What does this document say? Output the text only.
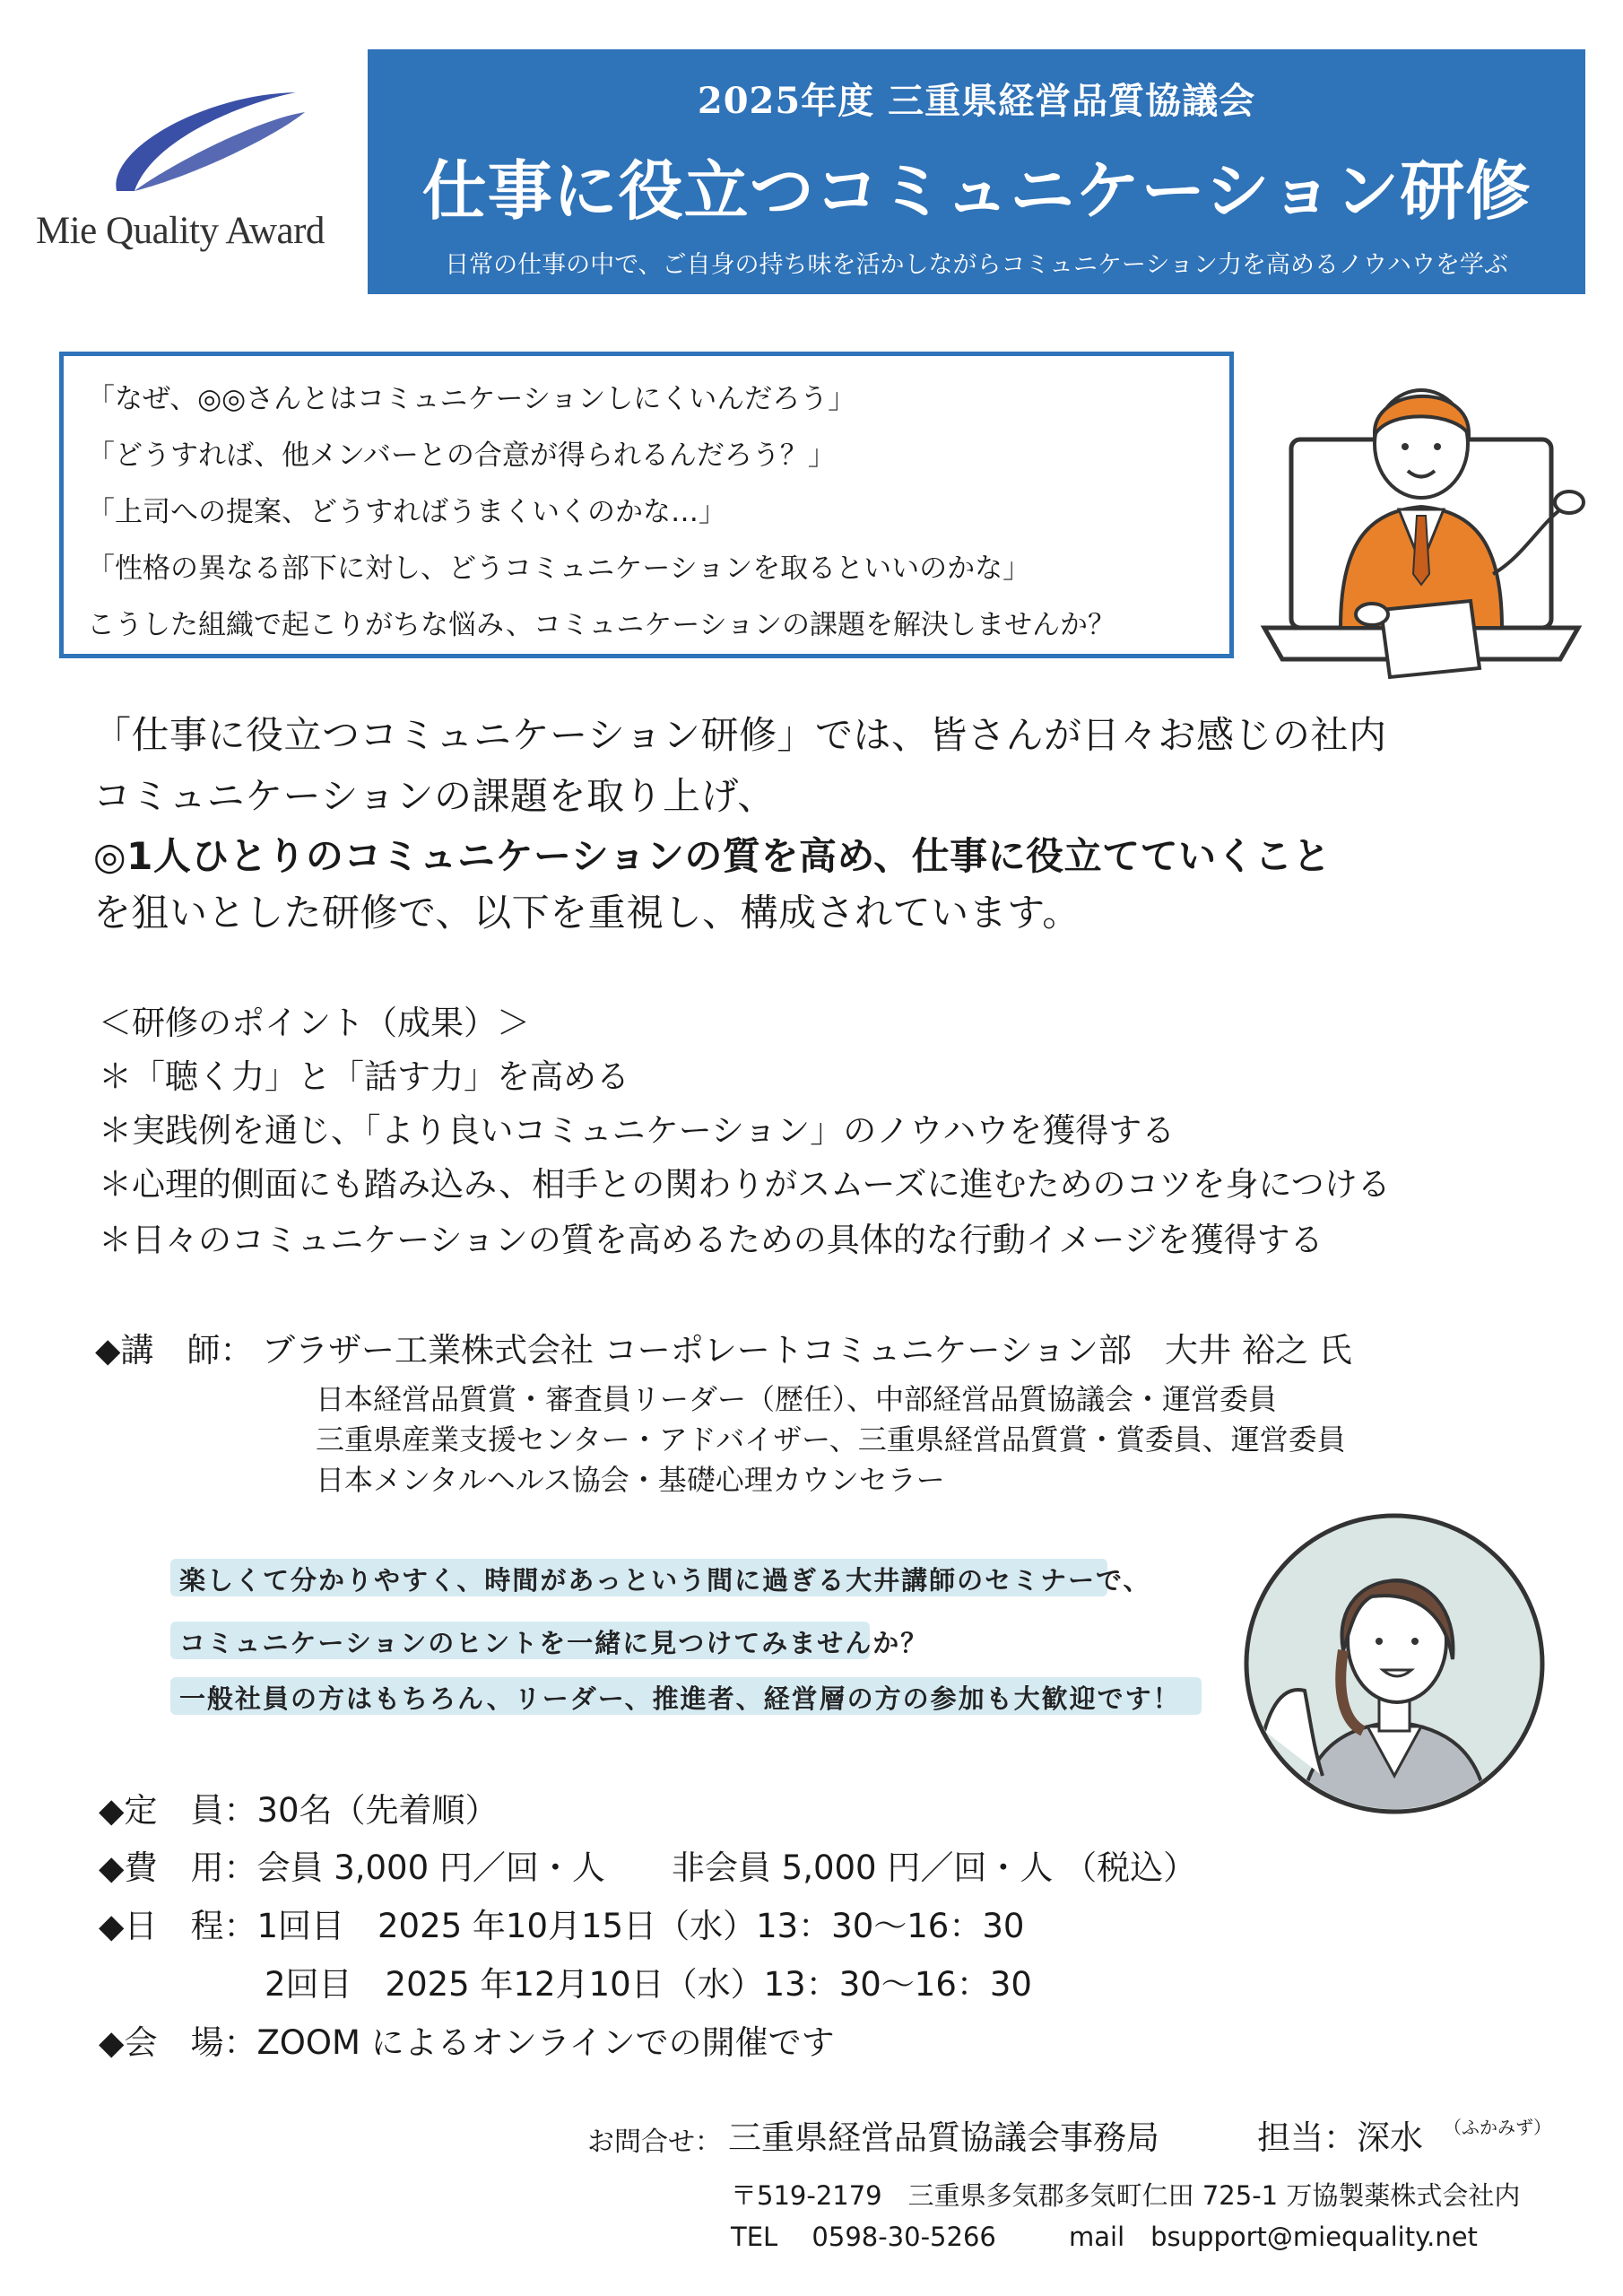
Mie Quality Award
2025年度 三重県経営品質協議会
仕事に役立つコミュニケーション研修
日常の仕事の中で、ご自身の持ち味を活かしながらコミュニケーション力を高めるノウハウを学ぶ
「なぜ、◎◎さんとはコミュニケーションしにくいんだろう」
「どうすれば、他メンバーとの合意が得られるんだろう？」
「上司への提案、どうすればうまくいくのかな…」
「性格の異なる部下に対し、どうコミュニケーションを取るといいのかな」
こうした組織で起こりがちな悩み、コミュニケーションの課題を解決しませんか？
「仕事に役立つコミュニケーション研修」では、皆さんが日々お感じの社内
コミュニケーションの課題を取り上げ、
◎1人ひとりのコミュニケーションの質を高め、仕事に役立てていくこと
を狙いとした研修で、以下を重視し、構成されています。
＜研修のポイント（成果）＞
＊「聴く力」と「話す力」を高める
＊実践例を通じ、「より良いコミュニケーション」のノウハウを獲得する
＊心理的側面にも踏み込み、相手との関わりがスムーズに進むためのコツを身につける
＊日々のコミュニケーションの質を高めるための具体的な行動イメージを獲得する
◆講　師： ブラザー工業株式会社 コーポレートコミュニケーション部　大井 裕之 氏
日本経営品質賞・審査員リーダー（歴任）、中部経営品質協議会・運営委員
三重県産業支援センター・アドバイザー、三重県経営品質賞・賞委員、運営委員
日本メンタルヘルス協会・基礎心理カウンセラー
楽しくて分かりやすく、時間があっという間に過ぎる大井講師のセミナーで、
コミュニケーションのヒントを一緒に見つけてみませんか？
一般社員の方はもちろん、リーダー、推進者、経営層の方の参加も大歓迎です！
◆定　員：30名（先着順）
◆費　用：会員 3,000 円／回・人　　非会員 5,000 円／回・人 （税込）
◆日　程：1回目　2025 年10月15日（水）13：30〜16：30
　　　　　2回目　2025 年12月10日（水）13：30〜16：30
◆会　場：ZOOM によるオンラインでの開催です
お問合せ： 三重県経営品質協議会事務局	担当：深水 （ふかみず）
〒519-2179　三重県多気郡多気町仁田 725-1 万協製薬株式会社内
TEL　 0598-30-5266	mail　bsupport@miequality.net
